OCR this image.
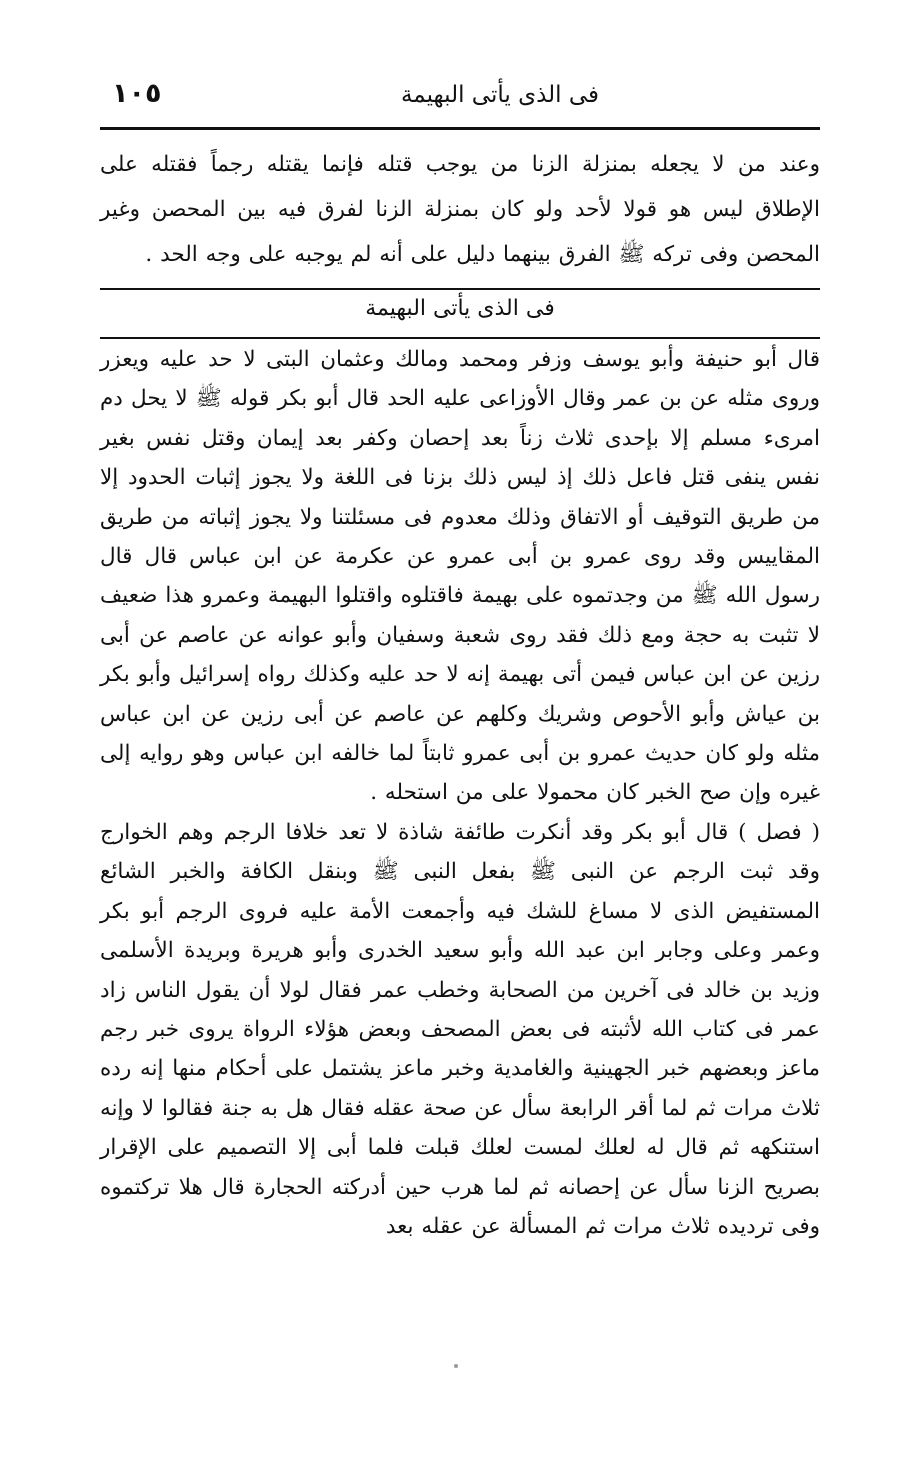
١٠٥	فى الذى يأتى البهيمة

وعند من لا يجعله بمنزلة الزنا من يوجب قتله فإنما يقتله رجماً فقتله على الإطلاق ليس هو قولا لأحد ولو كان بمنزلة الزنا لفرق فيه بين المحصن وغير المحصن وفى تركه ﷺ الفرق بينهما دليل على أنه لم يوجبه على وجه الحد .

فى الذى يأتى البهيمة

قال أبو حنيفة وأبو يوسف وزفر ومحمد ومالك وعثمان البتى لا حد عليه ويعزر وروى مثله عن بن عمر وقال الأوزاعى عليه الحد قال أبو بكر قوله ﷺ لا يحل دم امرىء مسلم إلا بإحدى ثلاث زناً بعد إحصان وكفر بعد إيمان وقتل نفس بغير نفس ينفى قتل فاعل ذلك إذ ليس ذلك بزنا فى اللغة ولا يجوز إثبات الحدود إلا من طريق التوقيف أو الاتفاق وذلك معدوم فى مسئلتنا ولا يجوز إثباته من طريق المقاييس وقد روى عمرو بن أبى عمرو عن عكرمة عن ابن عباس قال قال رسول الله ﷺ من وجدتموه على بهيمة فاقتلوه واقتلوا البهيمة وعمرو هذا ضعيف لا تثبت به حجة ومع ذلك فقد روى شعبة وسفيان وأبو عوانه عن عاصم عن أبى رزين عن ابن عباس فيمن أتى بهيمة إنه لا حد عليه وكذلك رواه إسرائيل وأبو بكر بن عياش وأبو الأحوص وشريك وكلهم عن عاصم عن أبى رزين عن ابن عباس مثله ولو كان حديث عمرو بن أبى عمرو ثابتاً لما خالفه ابن عباس وهو روايه إلى غيره وإن صح الخبر كان محمولا على من استحله .

( فصل ) قال أبو بكر وقد أنكرت طائفة شاذة لا تعد خلافا الرجم وهم الخوارج وقد ثبت الرجم عن النبى ﷺ بفعل النبى ﷺ وبنقل الكافة والخبر الشائع المستفيض الذى لا مساغ للشك فيه وأجمعت الأمة عليه فروى الرجم أبو بكر وعمر وعلى وجابر ابن عبد الله وأبو سعيد الخدرى وأبو هريرة وبريدة الأسلمى وزيد بن خالد فى آخرين من الصحابة وخطب عمر فقال لولا أن يقول الناس زاد عمر فى كتاب الله لأثبته فى بعض المصحف وبعض هؤلاء الرواة يروى خبر رجم ماعز وبعضهم خبر الجهينية والغامدية وخبر ماعز يشتمل على أحكام منها إنه رده ثلاث مرات ثم لما أقر الرابعة سأل عن صحة عقله فقال هل به جنة فقالوا لا وإنه استنكهه ثم قال له لعلك لمست لعلك قبلت فلما أبى إلا التصميم على الإقرار بصريح الزنا سأل عن إحصانه ثم لما هرب حين أدركته الحجارة قال هلا تركتموه وفى ترديده ثلاث مرات ثم المسألة عن عقله بعد
